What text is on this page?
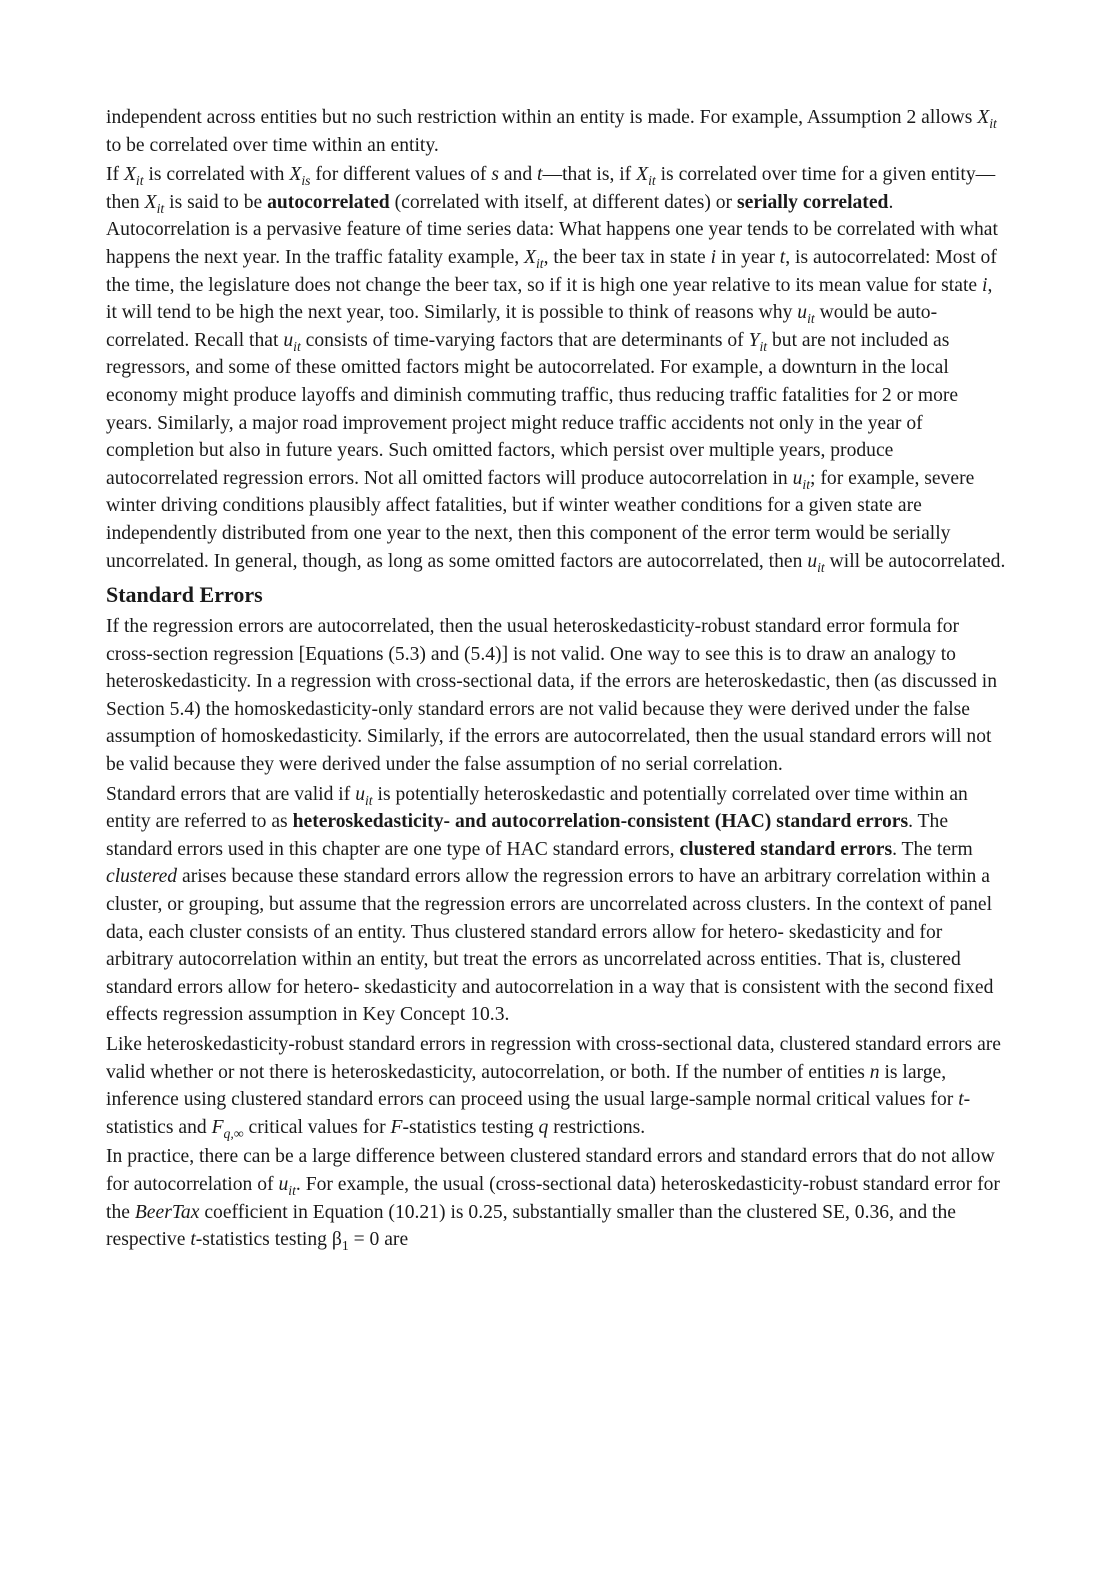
independent across entities but no such restriction within an entity is made. For example, Assumption 2 allows $X_{it}$ to be correlated over time within an entity.

If $X_{it}$ is correlated with $X_{is}$ for different values of s and t—that is, if $X_{it}$ is correlated over time for a given entity—then $X_{it}$ is said to be autocorrelated (correlated with itself, at different dates) or serially correlated. Autocorrelation is a pervasive feature of time series data: What happens one year tends to be correlated with what happens the next year. In the traffic fatality example, $X_{it}$, the beer tax in state i in year t, is autocorrelated: Most of the time, the legislature does not change the beer tax, so if it is high one year relative to its mean value for state i, it will tend to be high the next year, too. Similarly, it is possible to think of reasons why $u_{it}$ would be auto- correlated. Recall that $u_{it}$ consists of time-varying factors that are determinants of $Y_{it}$ but are not included as regressors, and some of these omitted factors might be autocorrelated. For example, a downturn in the local economy might produce layoffs and diminish commuting traffic, thus reducing traffic fatalities for 2 or more years. Similarly, a major road improvement project might reduce traffic accidents not only in the year of completion but also in future years. Such omitted factors, which persist over multiple years, produce autocorrelated regression errors. Not all omitted factors will produce autocorrelation in $u_{it}$; for example, severe winter driving conditions plausibly affect fatalities, but if winter weather conditions for a given state are independently distributed from one year to the next, then this component of the error term would be serially uncorrelated. In general, though, as long as some omitted factors are autocorrelated, then $u_{it}$ will be autocorrelated.

Standard Errors

If the regression errors are autocorrelated, then the usual heteroskedasticity-robust standard error formula for cross-section regression [Equations (5.3) and (5.4)] is not valid. One way to see this is to draw an analogy to heteroskedasticity. In a regression with cross-sectional data, if the errors are heteroskedastic, then (as discussed in Section 5.4) the homoskedasticity-only standard errors are not valid because they were derived under the false assumption of homoskedasticity. Similarly, if the errors are autocorrelated, then the usual standard errors will not be valid because they were derived under the false assumption of no serial correlation.

Standard errors that are valid if $u_{it}$ is potentially heteroskedastic and potentially correlated over time within an entity are referred to as heteroskedasticity- and autocorrelation-consistent (HAC) standard errors. The standard errors used in this chapter are one type of HAC standard errors, clustered standard errors. The term clustered arises because these standard errors allow the regression errors to have an arbitrary correlation within a cluster, or grouping, but assume that the regression errors are uncorrelated across clusters. In the context of panel data, each cluster consists of an entity. Thus clustered standard errors allow for hetero- skedasticity and for arbitrary autocorrelation within an entity, but treat the errors as uncorrelated across entities. That is, clustered standard errors allow for hetero- skedasticity and autocorrelation in a way that is consistent with the second fixed effects regression assumption in Key Concept 10.3.

Like heteroskedasticity-robust standard errors in regression with cross-sectional data, clustered standard errors are valid whether or not there is heteroskedasticity, autocorrelation, or both. If the number of entities n is large, inference using clustered standard errors can proceed using the usual large-sample normal critical values for t-statistics and $F_{q,\infty}$ critical values for F-statistics testing q restrictions.

In practice, there can be a large difference between clustered standard errors and standard errors that do not allow for autocorrelation of $u_{it}$. For example, the usual (cross-sectional data) heteroskedasticity-robust standard error for the BeerTax coefficient in Equation (10.21) is 0.25, substantially smaller than the clustered SE, 0.36, and the respective t-statistics testing $\beta_1 = 0$ are
